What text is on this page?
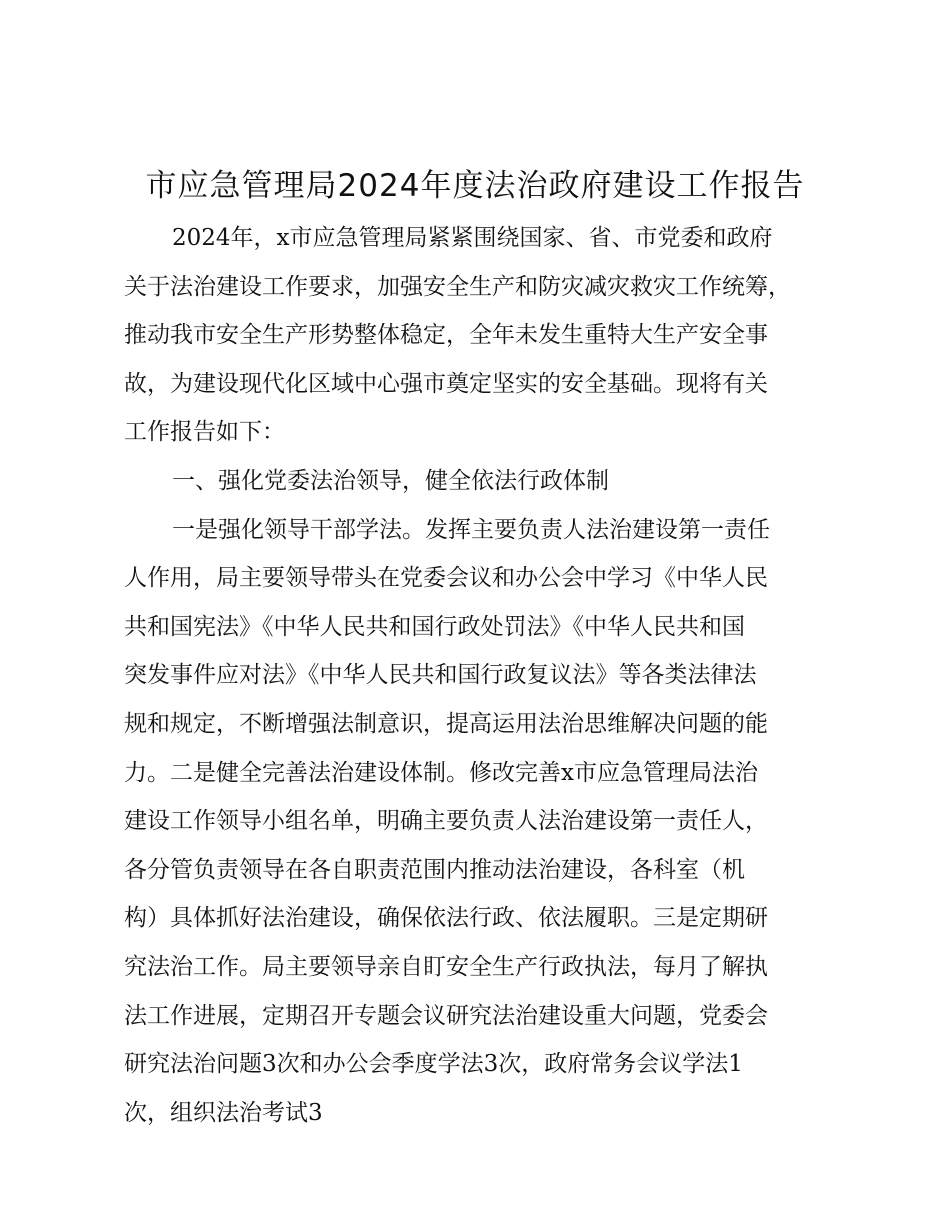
市应急管理局2024年度法治政府建设工作报告
2024年，x市应急管理局紧紧围绕国家、省、市党委和政府
关于法治建设工作要求，加强安全生产和防灾减灾救灾工作统筹，
推动我市安全生产形势整体稳定，全年未发生重特大生产安全事
故，为建设现代化区域中心强市奠定坚实的安全基础。现将有关
工作报告如下：
一、强化党委法治领导，健全依法行政体制
一是强化领导干部学法。发挥主要负责人法治建设第一责任
人作用，局主要领导带头在党委会议和办公会中学习《中华人民
共和国宪法》《中华人民共和国行政处罚法》《中华人民共和国
突发事件应对法》《中华人民共和国行政复议法》等各类法律法
规和规定，不断增强法制意识，提高运用法治思维解决问题的能
力。二是健全完善法治建设体制。修改完善x市应急管理局法治
建设工作领导小组名单，明确主要负责人法治建设第一责任人，
各分管负责领导在各自职责范围内推动法治建设，各科室（机
构）具体抓好法治建设，确保依法行政、依法履职。三是定期研
究法治工作。局主要领导亲自盯安全生产行政执法，每月了解执
法工作进展，定期召开专题会议研究法治建设重大问题，党委会
研究法治问题3次和办公会季度学法3次，政府常务会议学法1
次，组织法治考试3
